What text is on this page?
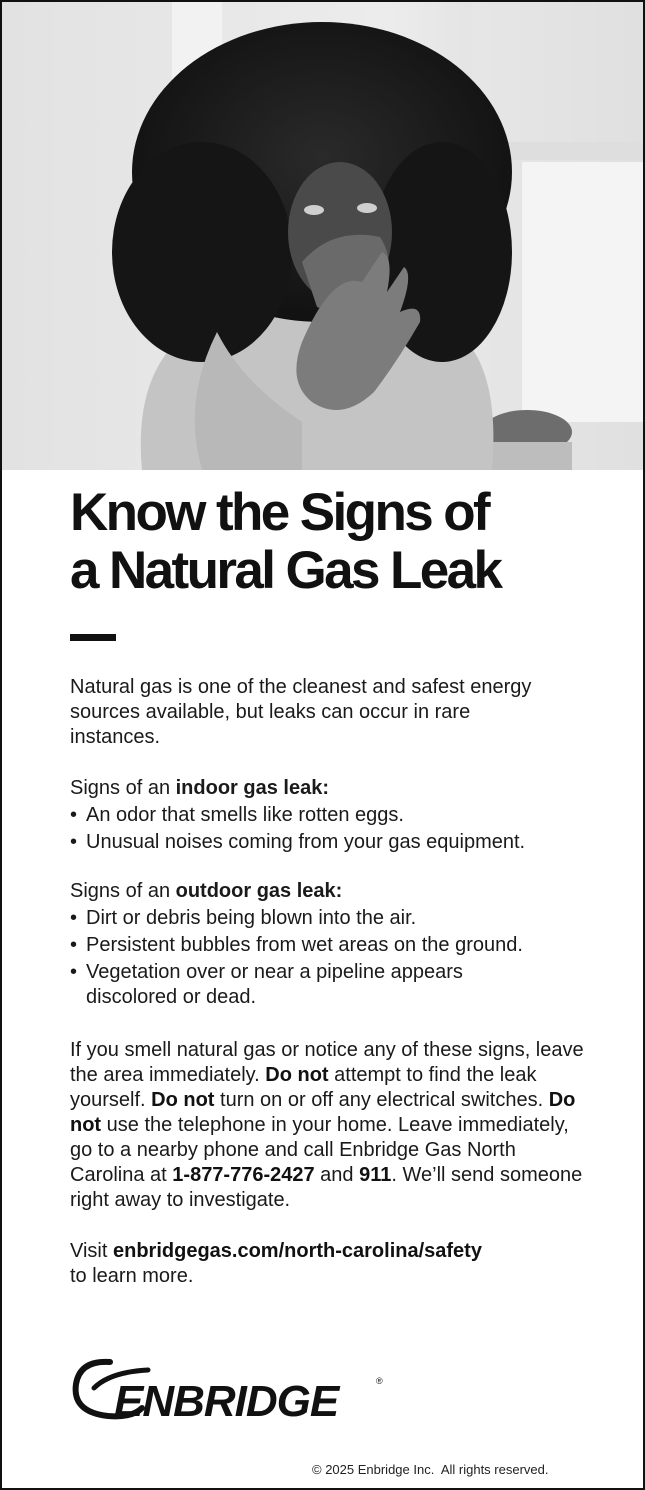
Know the Signs of
a Natural Gas Leak

Natural gas is one of the cleanest and safest energy sources available, but leaks can occur in rare instances.

Signs of an indoor gas leak:

• An odor that smells like rotten eggs.
• Unusual noises coming from your gas equipment.

Signs of an outdoor gas leak:

• Dirt or debris being blown into the air.
• Persistent bubbles from wet areas on the ground.
• Vegetation over or near a pipeline appears discolored or dead.

If you smell natural gas or notice any of these signs, leave the area immediately. Do not attempt to find the leak yourself. Do not turn on or off any electrical switches. Do not use the telephone in your home. Leave immediately, go to a nearby phone and call Enbridge Gas North Carolina at 1-877-776-2427 and 911. We’ll send someone right away to investigate.

Visit enbridgegas.com/north-carolina/safety
to learn more.

ENBRIDGE	®
© 2025 Enbridge Inc.  All rights reserved.
